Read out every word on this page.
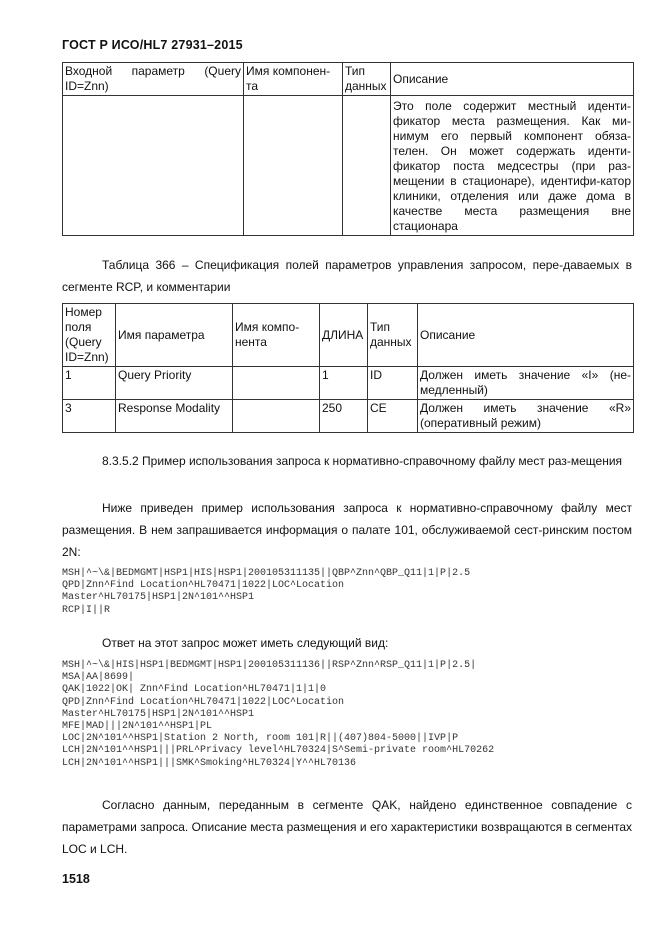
ГОСТ Р ИСО/HL7 27931–2015
Входной параметр (Query ID=Znn)	Имя компонен-та	Тип данных	Описание
			Это поле содержит местный иденти-фикатор места размещения. Как ми-нимум его первый компонент обяза-телен. Он может содержать иденти-фикатор поста медсестры (при раз-мещении в стационаре), идентифи-катор клиники, отделения или даже дома в качестве места размещения вне стационара
Таблица 366 – Спецификация полей параметров управления запросом, пере-даваемых в сегменте RCP, и комментарии
Номер поля (Query ID=Znn)	Имя параметра	Имя компо-нента	ДЛИНА	Тип данных	Описание
1	Query Priority		1	ID	Должен иметь значение «I» (не-медленный)
3	Response Modality		250	CE	Должен иметь значение «R» (оперативный режим)
8.3.5.2 Пример использования запроса к нормативно-справочному файлу мест раз-мещения
Ниже приведен пример использования запроса к нормативно-справочному файлу мест размещения. В нем запрашивается информация о палате 101, обслуживаемой сест-ринским постом 2N:
MSH|^~\&|BEDMGMT|HSP1|HIS|HSP1|200105311135||QBP^Znn^QBP_Q11|1|P|2.5
QPD|Znn^Find Location^HL70471|1022|LOC^Location
Master^HL70175|HSP1|2N^101^^HSP1
RCP|I||R
Ответ на этот запрос может иметь следующий вид:
MSH|^~\&|HIS|HSP1|BEDMGMT|HSP1|200105311136||RSP^Znn^RSP_Q11|1|P|2.5|
MSA|AA|8699|
QAK|1022|OK| Znn^Find Location^HL70471|1|1|0
QPD|Znn^Find Location^HL70471|1022|LOC^Location
Master^HL70175|HSP1|2N^101^^HSP1
MFE|MAD|||2N^101^^HSP1|PL
LOC|2N^101^^HSP1|Station 2 North, room 101|R||(407)804-5000||IVP|P
LCH|2N^101^^HSP1|||PRL^Privacy level^HL70324|S^Semi-private room^HL70262
LCH|2N^101^^HSP1|||SMK^Smoking^HL70324|Y^^HL70136
Согласно данным, переданным в сегменте QAK, найдено единственное совпадение с параметрами запроса. Описание места размещения и его характеристики возвращаются в сегментах LOC и LCH.
1518
